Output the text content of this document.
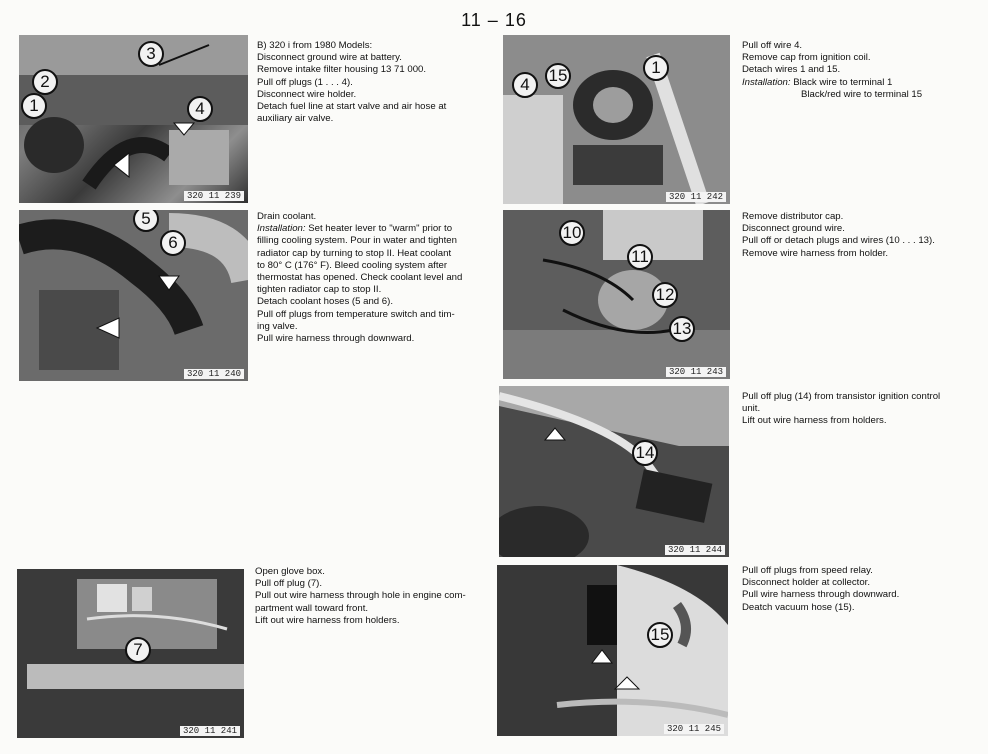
11 – 16
1
2
3
4
320 11 239
B) 320 i from 1980 Models:
Disconnect ground wire at battery.
Remove intake filter housing 13 71 000.
Pull off plugs (1 . . . 4).
Disconnect wire holder.
Detach fuel line at start valve and air hose at
auxiliary air valve.
5
6
320 11 240
Drain coolant.
Installation: Set heater lever to "warm" prior to
filling cooling system. Pour in water and tighten
radiator cap by turning to stop II. Heat coolant
to 80° C (176° F). Bleed cooling system after
thermostat has opened. Check coolant level and
tighten radiator cap to stop II.
Detach coolant hoses (5 and 6).
Pull off plugs from temperature switch and tim-
ing valve.
Pull wire harness through downward.
7
320 11 241
Open glove box.
Pull off plug (7).
Pull out wire harness through hole in engine com-
partment wall toward front.
Lift out wire harness from holders.
15	1
4
320 11 242
Pull off wire 4.
Remove cap from ignition coil.
Detach wires 1 and 15.
Installation: Black wire to terminal 1
Black/red wire to terminal 15
10
11
12
13
320 11 243
Remove distributor cap.
Disconnect ground wire.
Pull off or detach plugs and wires (10 . . . 13).
Remove wire harness from holder.
14
320 11 244
Pull off plug (14) from transistor ignition control
unit.
Lift out wire harness from holders.
15
320 11 245
Pull off plugs from speed relay.
Disconnect holder at collector.
Pull wire harness through downward.
Deatch vacuum hose (15).
